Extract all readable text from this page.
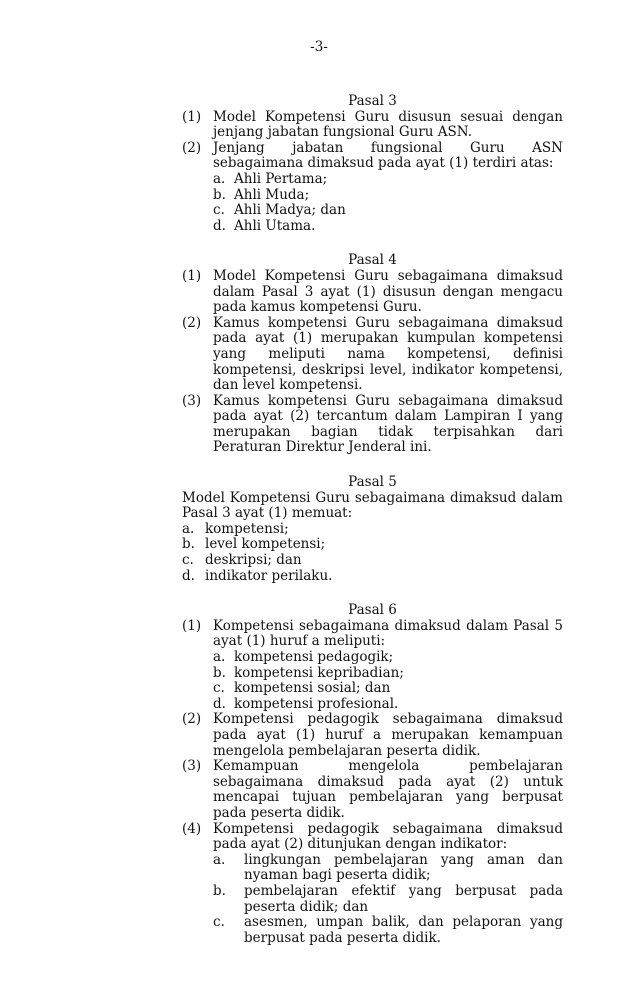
-3-

Pasal 3

(1) Model Kompetensi Guru disusun sesuai dengan jenjang jabatan fungsional Guru ASN.
(2) Jenjang jabatan fungsional Guru ASN sebagaimana dimaksud pada ayat (1) terdiri atas:
a. Ahli Pertama;
b. Ahli Muda;
c. Ahli Madya; dan
d. Ahli Utama.

Pasal 4

(1) Model Kompetensi Guru sebagaimana dimaksud dalam Pasal 3 ayat (1) disusun dengan mengacu pada kamus kompetensi Guru.
(2) Kamus kompetensi Guru sebagaimana dimaksud pada ayat (1) merupakan kumpulan kompetensi yang meliputi nama kompetensi, definisi kompetensi, deskripsi level, indikator kompetensi, dan level kompetensi.
(3) Kamus kompetensi Guru sebagaimana dimaksud pada ayat (2) tercantum dalam Lampiran I yang merupakan bagian tidak terpisahkan dari Peraturan Direktur Jenderal ini.

Pasal 5

Model Kompetensi Guru sebagaimana dimaksud dalam Pasal 3 ayat (1) memuat:
a. kompetensi;
b. level kompetensi;
c. deskripsi; dan
d. indikator perilaku.

Pasal 6

(1) Kompetensi sebagaimana dimaksud dalam Pasal 5 ayat (1) huruf a meliputi:
a. kompetensi pedagogik;
b. kompetensi kepribadian;
c. kompetensi sosial; dan
d. kompetensi profesional.
(2) Kompetensi pedagogik sebagaimana dimaksud pada ayat (1) huruf a merupakan kemampuan mengelola pembelajaran peserta didik.
(3) Kemampuan mengelola pembelajaran sebagaimana dimaksud pada ayat (2) untuk mencapai tujuan pembelajaran yang berpusat pada peserta didik.
(4) Kompetensi pedagogik sebagaimana dimaksud pada ayat (2) ditunjukan dengan indikator:
a. lingkungan pembelajaran yang aman dan nyaman bagi peserta didik;
b. pembelajaran efektif yang berpusat pada peserta didik; dan
c. asesmen, umpan balik, dan pelaporan yang berpusat pada peserta didik.
